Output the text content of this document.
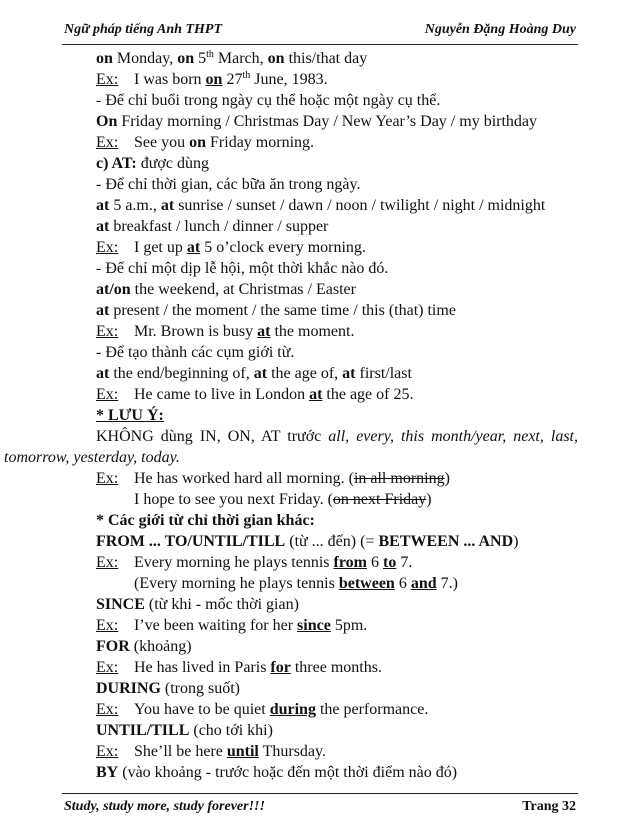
Ngữ pháp tiếng Anh THPT	Nguyễn Đặng Hoàng Duy
on Monday, on 5th March, on this/that day
Ex: I was born on 27th June, 1983.
- Để chỉ buổi trong ngày cụ thể hoặc một ngày cụ thể.
On Friday morning / Christmas Day / New Year’s Day / my birthday
Ex: See you on Friday morning.
c) AT: được dùng
- Để chỉ thời gian, các bữa ăn trong ngày.
at 5 a.m., at sunrise / sunset / dawn / noon / twilight / night / midnight
at breakfast / lunch / dinner / supper
Ex: I get up at 5 o’clock every morning.
- Để chỉ một dịp lễ hội, một thời khắc nào đó.
at/on the weekend, at Christmas / Easter
at present / the moment / the same time / this (that) time
Ex: Mr. Brown is busy at the moment.
- Để tạo thành các cụm giới từ.
at the end/beginning of, at the age of, at first/last
Ex: He came to live in London at the age of 25.
* LƯU Ý:
KHÔNG dùng IN, ON, AT trước all, every, this month/year, next, last,
tomorrow, yesterday, today.
Ex: He has worked hard all morning. (in all morning)
I hope to see you next Friday. (on next Friday)
* Các giới từ chỉ thời gian khác:
FROM ... TO/UNTIL/TILL (từ ... đến) (= BETWEEN ... AND)
Ex: Every morning he plays tennis from 6 to 7.
(Every morning he plays tennis between 6 and 7.)
SINCE (từ khi - mốc thời gian)
Ex: I’ve been waiting for her since 5pm.
FOR (khoảng)
Ex: He has lived in Paris for three months.
DURING (trong suốt)
Ex: You have to be quiet during the performance.
UNTIL/TILL (cho tới khi)
Ex: She’ll be here until Thursday.
BY (vào khoảng - trước hoặc đến một thời điểm nào đó)
Study, study more, study forever!!!	Trang 32
